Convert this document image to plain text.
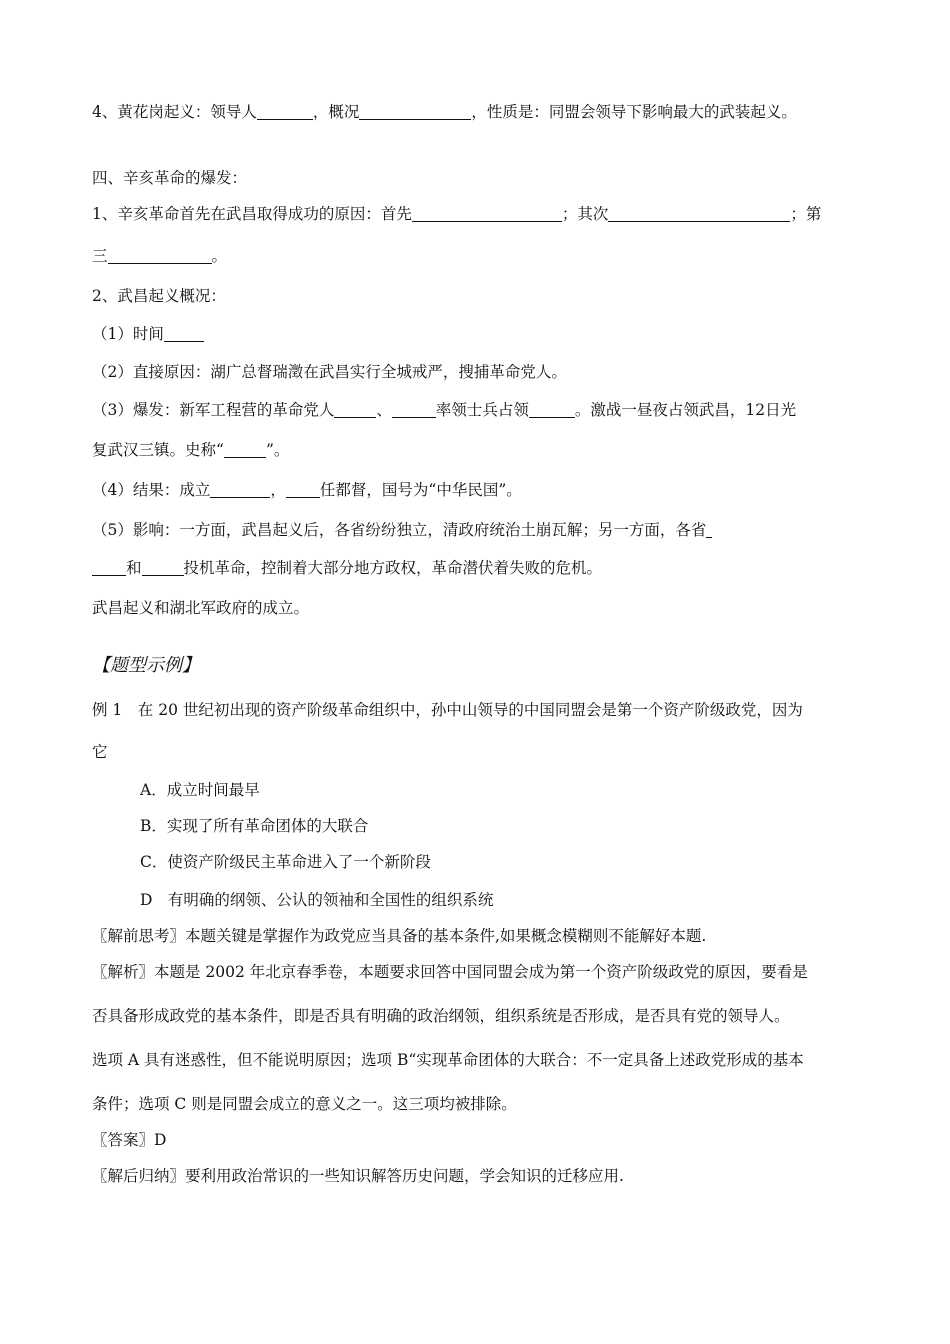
4、黄花岗起义：领导人	，概况	，性质是：同盟会领导下影响最大的武装起义。
四、辛亥革命的爆发：
1、辛亥革命首先在武昌取得成功的原因：首先	；其次	；第
三	。
2、武昌起义概况：
（1）时间
（2）直接原因：湖广总督瑞澂在武昌实行全城戒严，搜捕革命党人。
（3）爆发：新军工程营的革命党人	、	率领士兵占领	。激战一昼夜占领武昌，12日光
复武汉三镇。史称“	”。
（4）结果：成立	， 任都督，国号为“中华民国”。
（5）影响：一方面，武昌起义后，各省纷纷独立，清政府统治土崩瓦解；另一方面，各省
和	投机革命，控制着大部分地方政权，革命潜伏着失败的危机。
武昌起义和湖北军政府的成立。
【题型示例】
例 1　在 20 世纪初出现的资产阶级革命组织中，孙中山领导的中国同盟会是第一个资产阶级政党，因为
它
A．成立时间最早
B．实现了所有革命团体的大联合
C．使资产阶级民主革命进入了一个新阶段
D　有明确的纲领、公认的领袖和全国性的组织系统
〖解前思考〗本题关键是掌握作为政党应当具备的基本条件,如果概念模糊则不能解好本题.
〖解析〗本题是 2002 年北京春季卷，本题要求回答中国同盟会成为第一个资产阶级政党的原因，要看是
否具备形成政党的基本条件，即是否具有明确的政治纲领，组织系统是否形成，是否具有党的领导人。
选项 A 具有迷惑性，但不能说明原因；选项 B“实现革命团体的大联合：不一定具备上述政党形成的基本
条件；选项 C 则是同盟会成立的意义之一。这三项均被排除。
〖答案〗D
〖解后归纳〗要利用政治常识的一些知识解答历史问题，学会知识的迁移应用.
